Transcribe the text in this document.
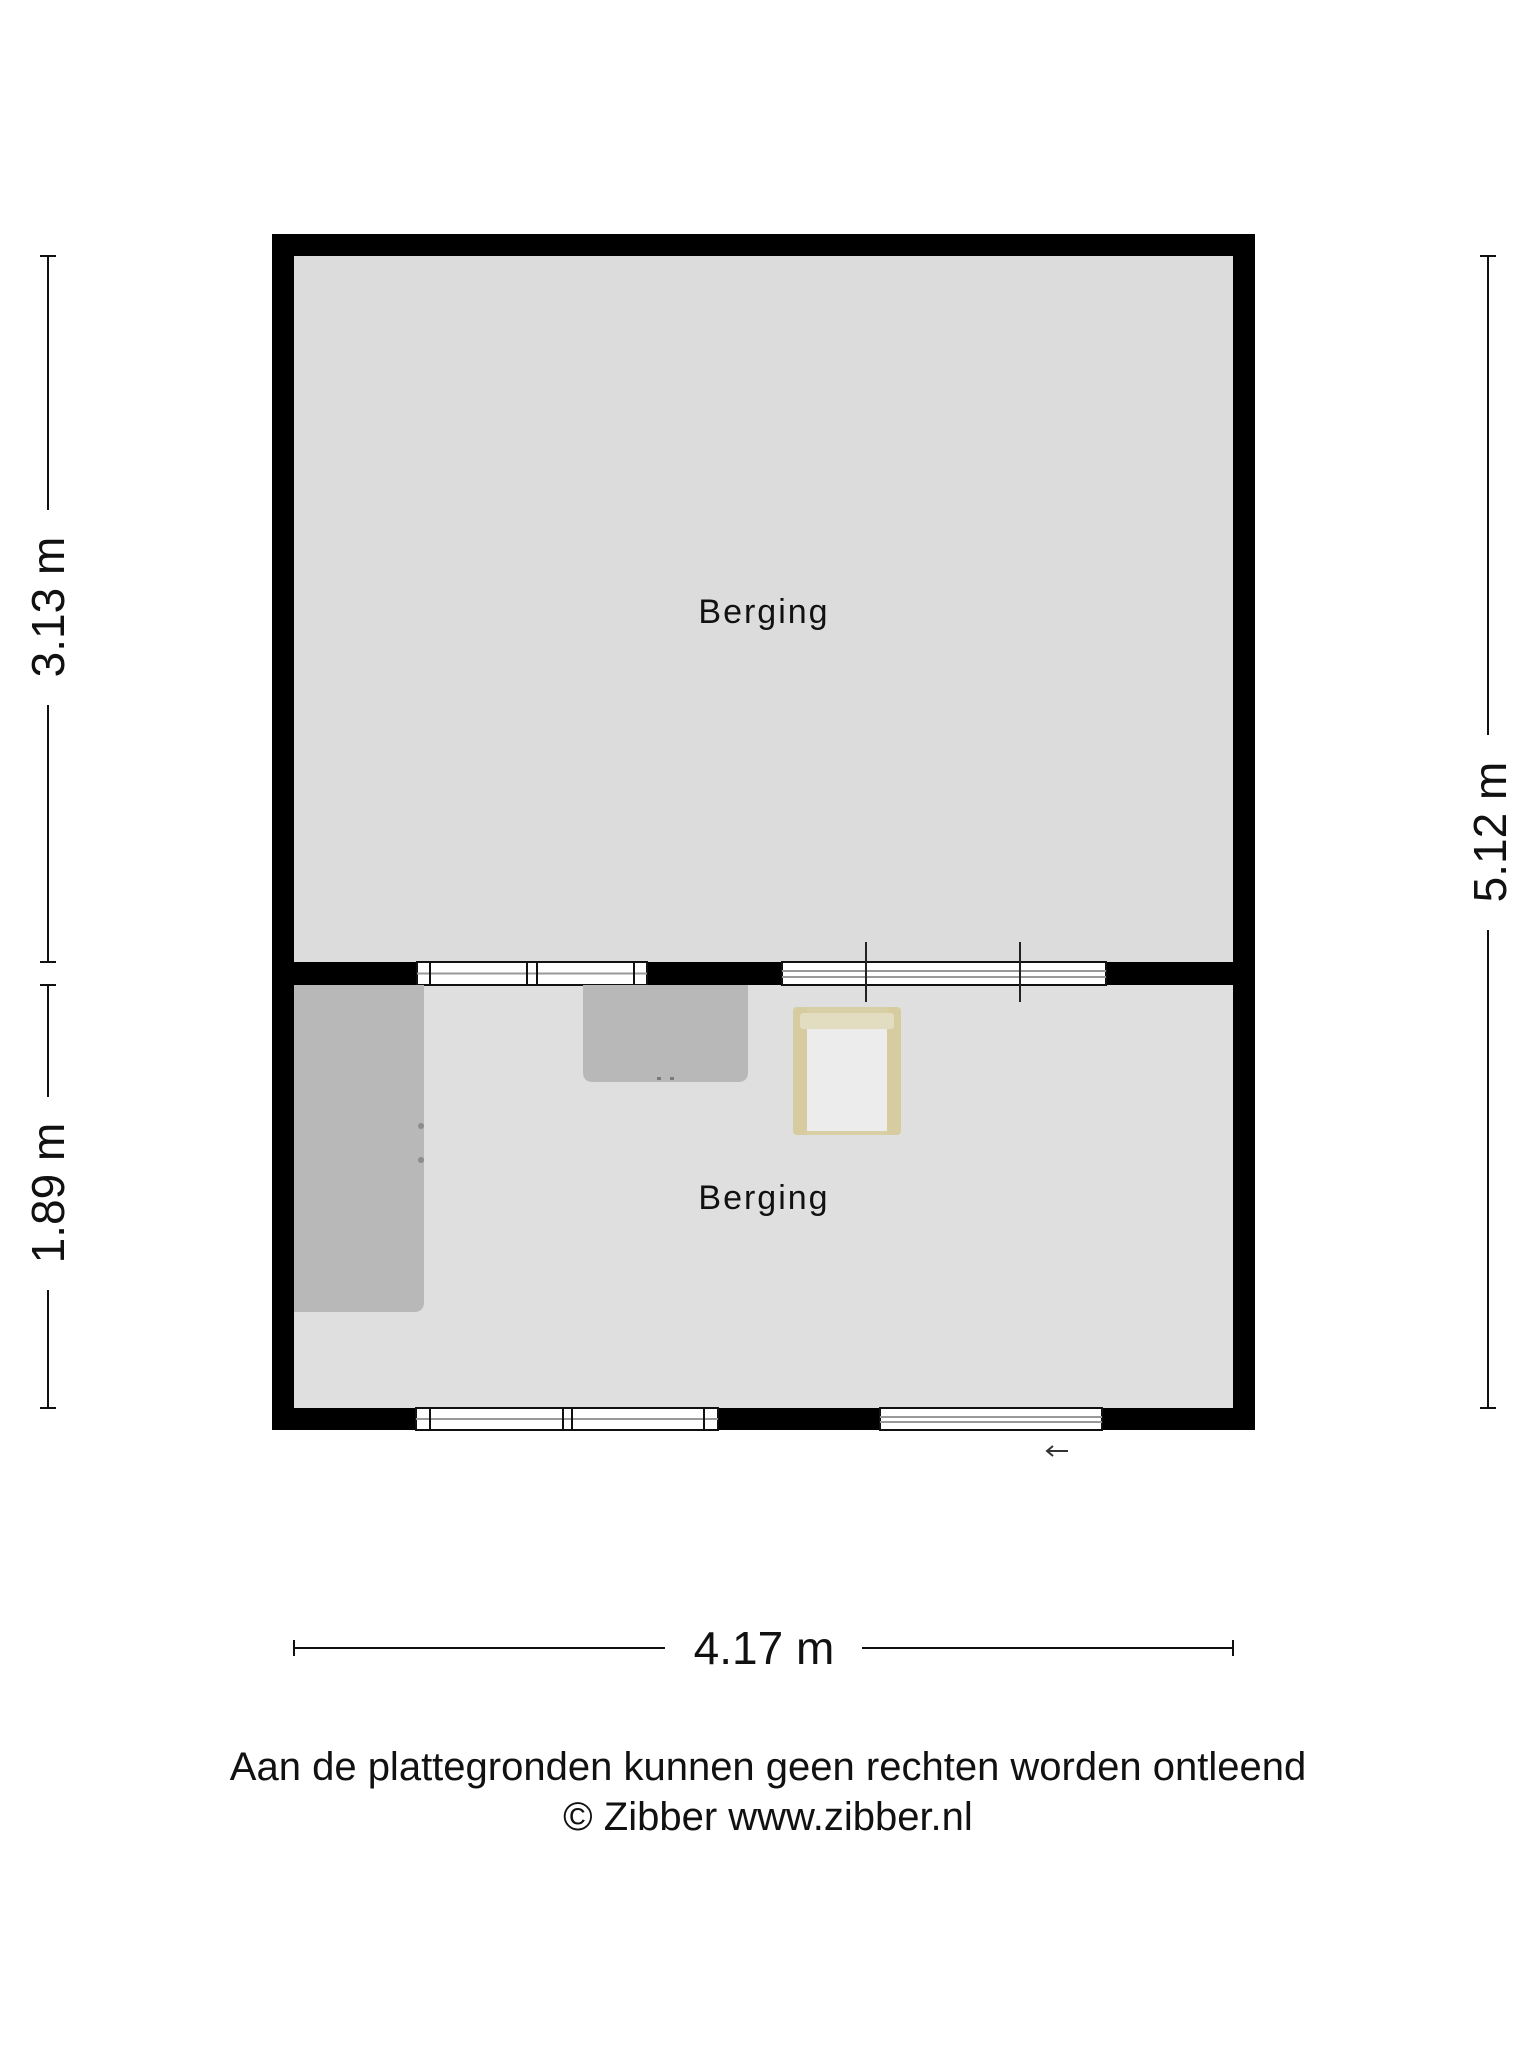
Berging
Berging
3.13 m
1.89 m
5.12 m
4.17 m
Aan de plattegronden kunnen geen rechten worden ontleend
© Zibber www.zibber.nl
